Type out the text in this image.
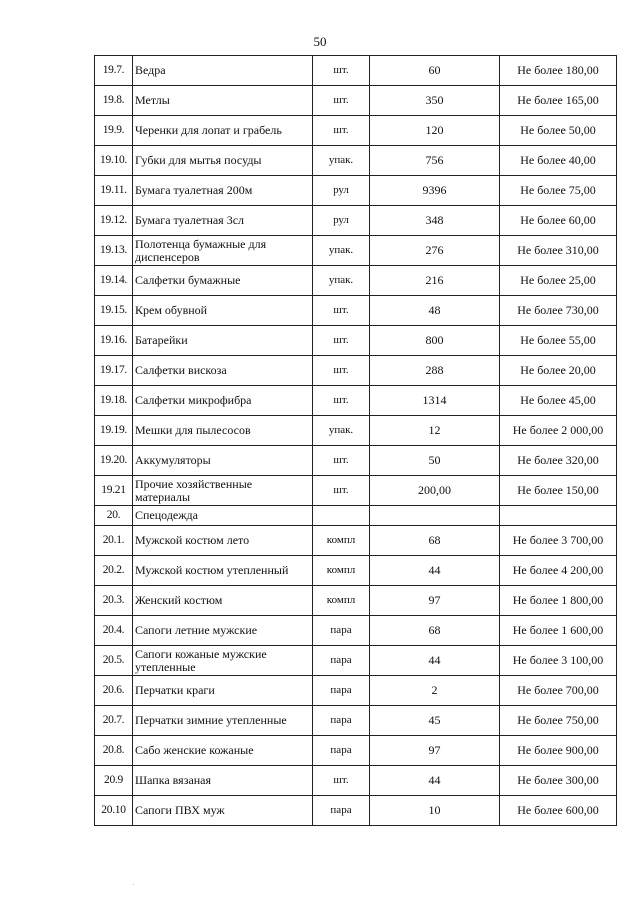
50
19.7.	Ведра	шт.	60	Не более 180,00
19.8.	Метлы	шт.	350	Не более 165,00
19.9.	Черенки для лопат и грабель	шт.	120	Не более 50,00
19.10.	Губки для мытья посуды	упак.	756	Не более 40,00
19.11.	Бумага туалетная 200м	рул	9396	Не более 75,00
19.12.	Бумага туалетная 3сл	рул	348	Не более 60,00
19.13.	Полотенца бумажные для диспенсеров	упак.	276	Не более 310,00
19.14.	Салфетки бумажные	упак.	216	Не более 25,00
19.15.	Крем обувной	шт.	48	Не более 730,00
19.16.	Батарейки	шт.	800	Не более 55,00
19.17.	Салфетки вискоза	шт.	288	Не более 20,00
19.18.	Салфетки микрофибра	шт.	1314	Не более 45,00
19.19.	Мешки для пылесосов	упак.	12	Не более 2 000,00
19.20.	Аккумуляторы	шт.	50	Не более 320,00
19.21	Прочие хозяйственные материалы	шт.	200,00	Не более 150,00
20.	Спецодежда			
20.1.	Мужской костюм лето	компл	68	Не более 3 700,00
20.2.	Мужской костюм утепленный	компл	44	Не более 4 200,00
20.3.	Женский костюм	компл	97	Не более 1 800,00
20.4.	Сапоги летние мужские	пара	68	Не более 1 600,00
20.5.	Сапоги кожаные мужские утепленные	пара	44	Не более 3 100,00
20.6.	Перчатки краги	пара	2	Не более 700,00
20.7.	Перчатки зимние утепленные	пара	45	Не более 750,00
20.8.	Сабо женские кожаные	пара	97	Не более 900,00
20.9	Шапка вязаная	шт.	44	Не более 300,00
20.10	Сапоги ПВХ муж	пара	10	Не более 600,00
